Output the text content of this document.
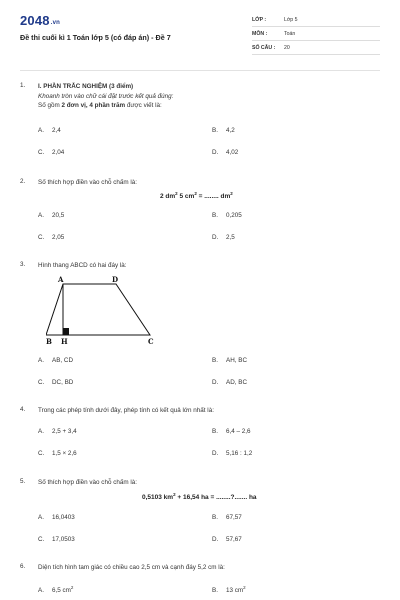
2048.vn
Đề thi cuối kì 1 Toán lớp 5 (có đáp án) - Đề 7
LỚP :	Lớp 5
MÔN :	Toán
SỐ CÂU : 20
1.	I. PHẦN TRẮC NGHIỆM (3 điểm)
Khoanh tròn vào chữ cái đặt trước kết quả đúng:
Số gồm 2 đơn vị, 4 phần trăm được viết là:
A. 2,4	B. 4,2
C. 2,04	D. 4,02
2.	Số thích hợp điền vào chỗ chấm là:
2 $dm^2$ 5 $cm^2$ = ........ $dm^2$
A. 20,5	B. 0,205
C. 2,05	D. 2,5
3.	Hình thang ABCD có hai đáy là:
A	D
B H	C
A. AB, CD	B. AH, BC
C. DC, BD	D. AD, BC
4.	Trong các phép tính dưới đây, phép tính có kết quả lớn nhất là:
A. 2,5 + 3,4	B. 6,4 – 2,6
C. 1,5 × 2,6	D. 5,16 : 1,2
5.	Số thích hợp điền vào chỗ chấm là:
0,5103 $km^2 + 16,54$ ha = ........?....... ha
A. 16,0403	B. 67,57
C. 17,0503	D. 57,67
6.	Diện tích hình tam giác có chiều cao 2,5 cm và cạnh đáy 5,2 cm là:
A. 6,5 $cm^2$	B. 13 $cm^2$
